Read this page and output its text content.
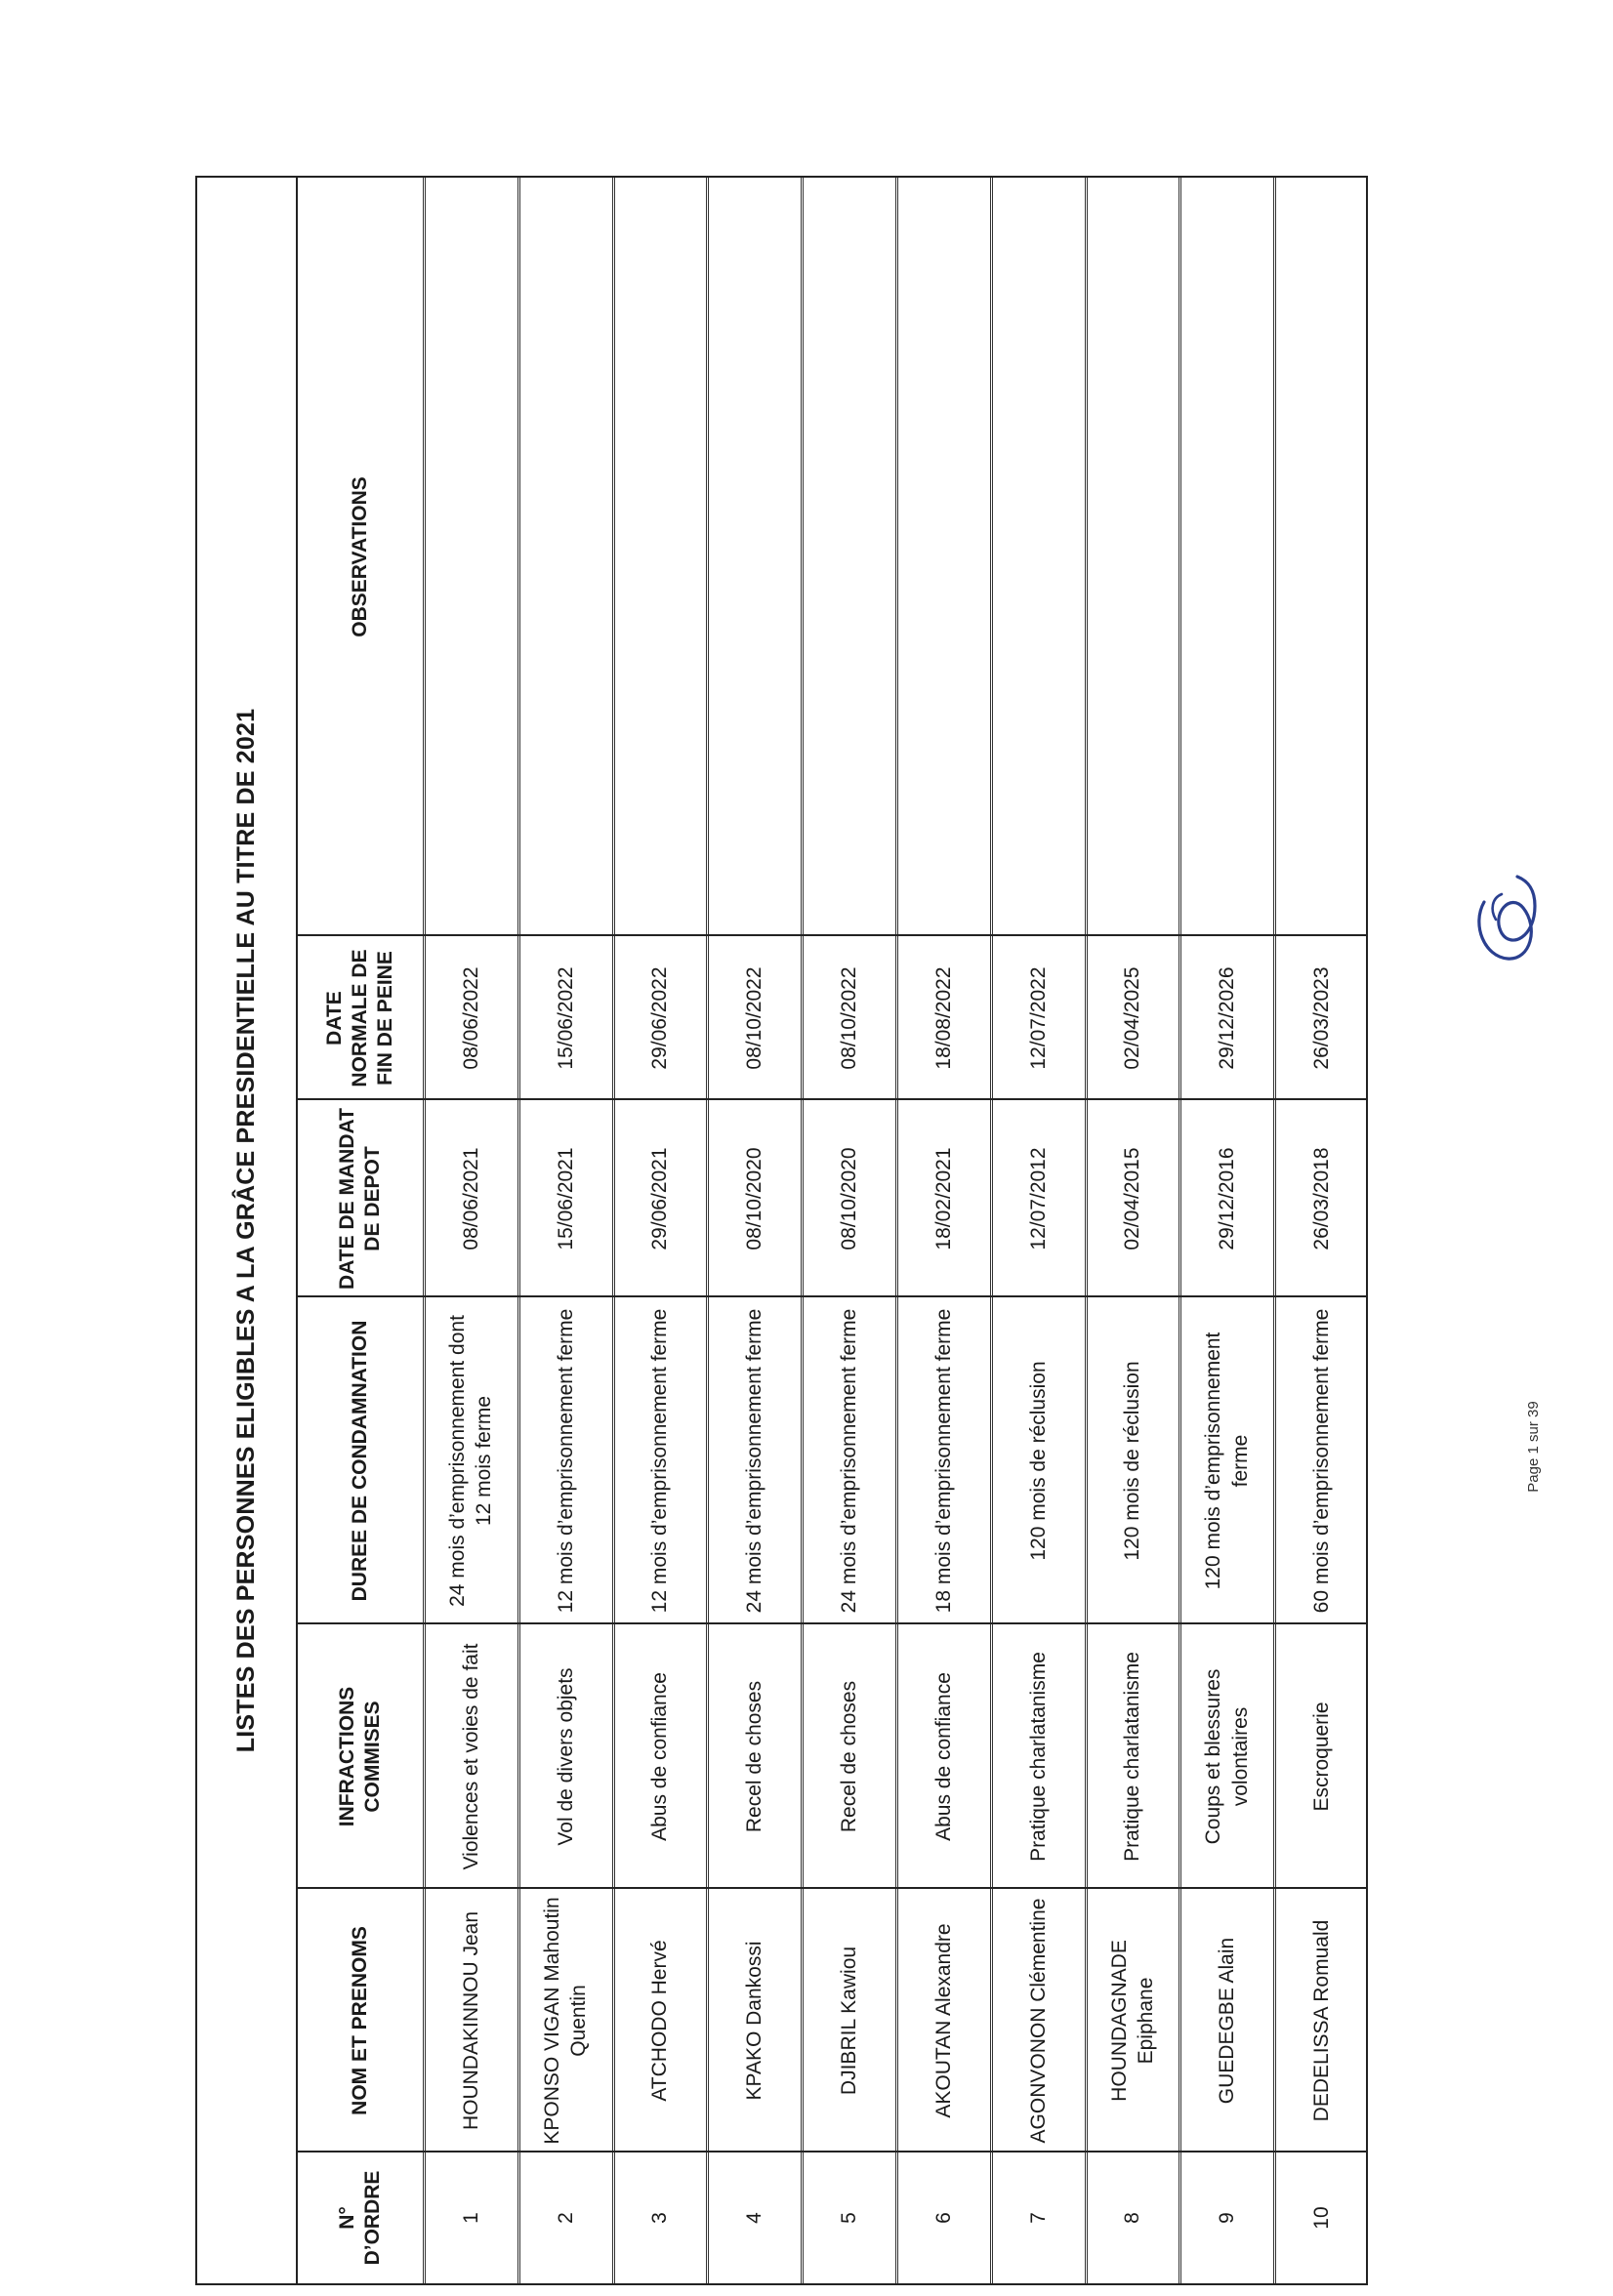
LISTES DES PERSONNES ELIGIBLES A LA GRÂCE PRESIDENTIELLE AU TITRE DE 2021
N° D’ORDRE
NOM ET PRENOMS
INFRACTIONS COMMISES
DUREE DE CONDAMNATION
DATE DE MANDAT DE DEPOT
DATE NORMALE DE FIN DE PEINE
OBSERVATIONS
1
HOUNDAKINNOU Jean
Violences et voies de fait
24 mois d’emprisonnement dont 12 mois ferme
08/06/2021
08/06/2022
2
KPONSO VIGAN Mahoutin Quentin
Vol de divers objets
12 mois d’emprisonnement ferme
15/06/2021
15/06/2022
3
ATCHODO Hervé
Abus de confiance
12 mois d’emprisonnement ferme
29/06/2021
29/06/2022
4
KPAKO Dankossi
Recel de choses
24 mois d’emprisonnement ferme
08/10/2020
08/10/2022
5
DJIBRIL Kawiou
Recel de choses
24 mois d’emprisonnement ferme
08/10/2020
08/10/2022
6
AKOUTAN Alexandre
Abus de confiance
18 mois d’emprisonnement ferme
18/02/2021
18/08/2022
7
AGONVONON Clémentine
Pratique charlatanisme
120 mois de réclusion
12/07/2012
12/07/2022
8
HOUNDAGNADE Epiphane
Pratique charlatanisme
120 mois de réclusion
02/04/2015
02/04/2025
9
GUEDEGBE Alain
Coups et blessures volontaires
120 mois d’emprisonnement ferme
29/12/2016
29/12/2026
10
DEDELISSA Romuald
Escroquerie
60 mois d’emprisonnement ferme
26/03/2018
26/03/2023
Page 1 sur 39
